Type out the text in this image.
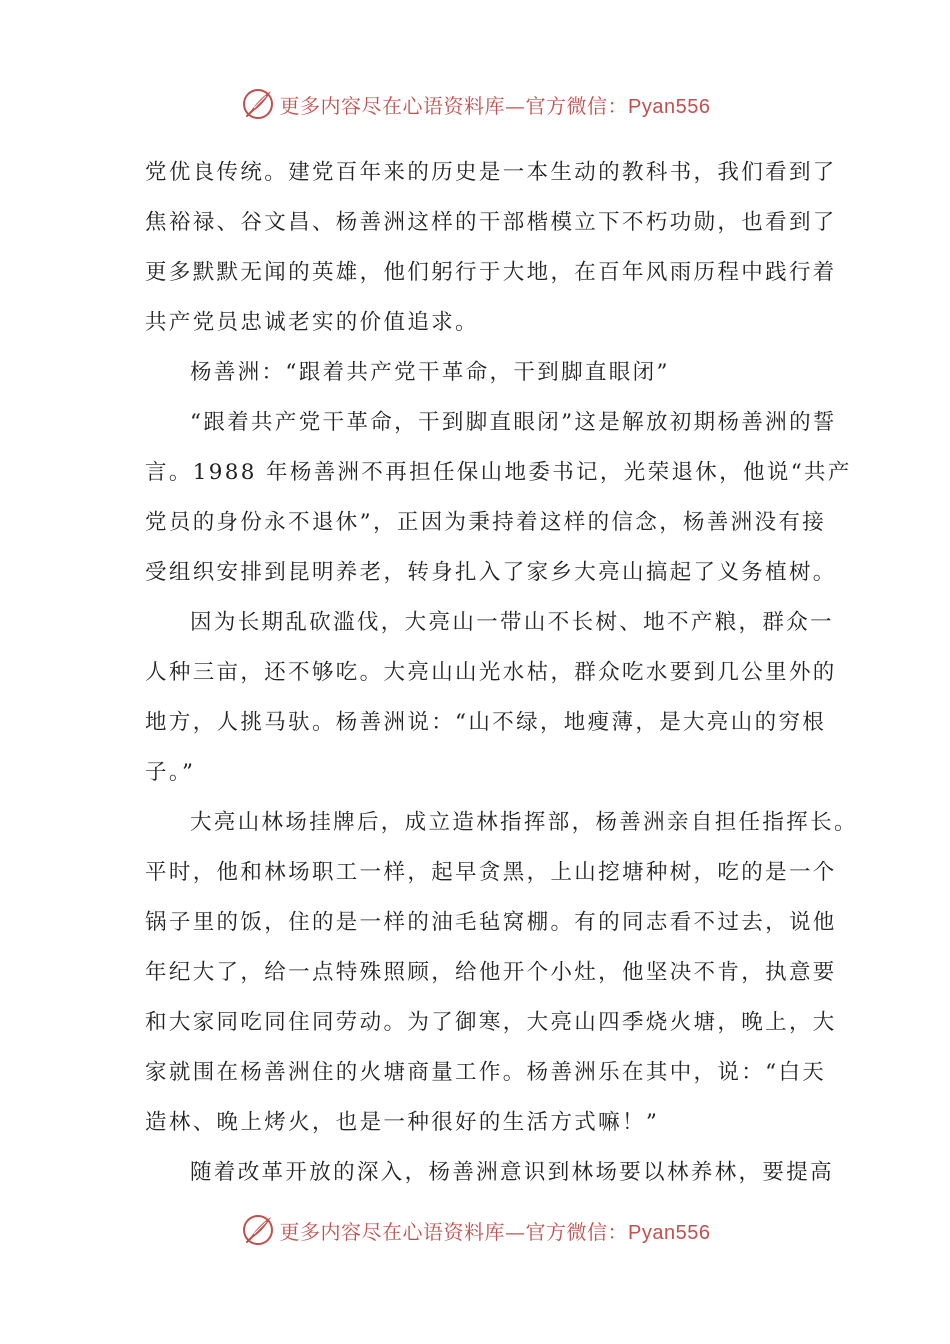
更多内容尽在心语资料库—官方微信：Pyan556
党优良传统。建党百年来的历史是一本生动的教科书，我们看到了
焦裕禄、谷文昌、杨善洲这样的干部楷模立下不朽功勋，也看到了
更多默默无闻的英雄，他们躬行于大地，在百年风雨历程中践行着
共产党员忠诚老实的价值追求。
杨善洲：“跟着共产党干革命，干到脚直眼闭”
“跟着共产党干革命，干到脚直眼闭”这是解放初期杨善洲的誓
言。1988 年杨善洲不再担任保山地委书记，光荣退休，他说“共产
党员的身份永不退休”，正因为秉持着这样的信念，杨善洲没有接
受组织安排到昆明养老，转身扎入了家乡大亮山搞起了义务植树。
因为长期乱砍滥伐，大亮山一带山不长树、地不产粮，群众一
人种三亩，还不够吃。大亮山山光水枯，群众吃水要到几公里外的
地方，人挑马驮。杨善洲说：“山不绿，地瘦薄，是大亮山的穷根
子。”
大亮山林场挂牌后，成立造林指挥部，杨善洲亲自担任指挥长。
平时，他和林场职工一样，起早贪黑，上山挖塘种树，吃的是一个
锅子里的饭，住的是一样的油毛毡窝棚。有的同志看不过去，说他
年纪大了，给一点特殊照顾，给他开个小灶，他坚决不肯，执意要
和大家同吃同住同劳动。为了御寒，大亮山四季烧火塘，晚上，大
家就围在杨善洲住的火塘商量工作。杨善洲乐在其中，说：“白天
造林、晚上烤火，也是一种很好的生活方式嘛！”
随着改革开放的深入，杨善洲意识到林场要以林养林，要提高
更多内容尽在心语资料库—官方微信：Pyan556
